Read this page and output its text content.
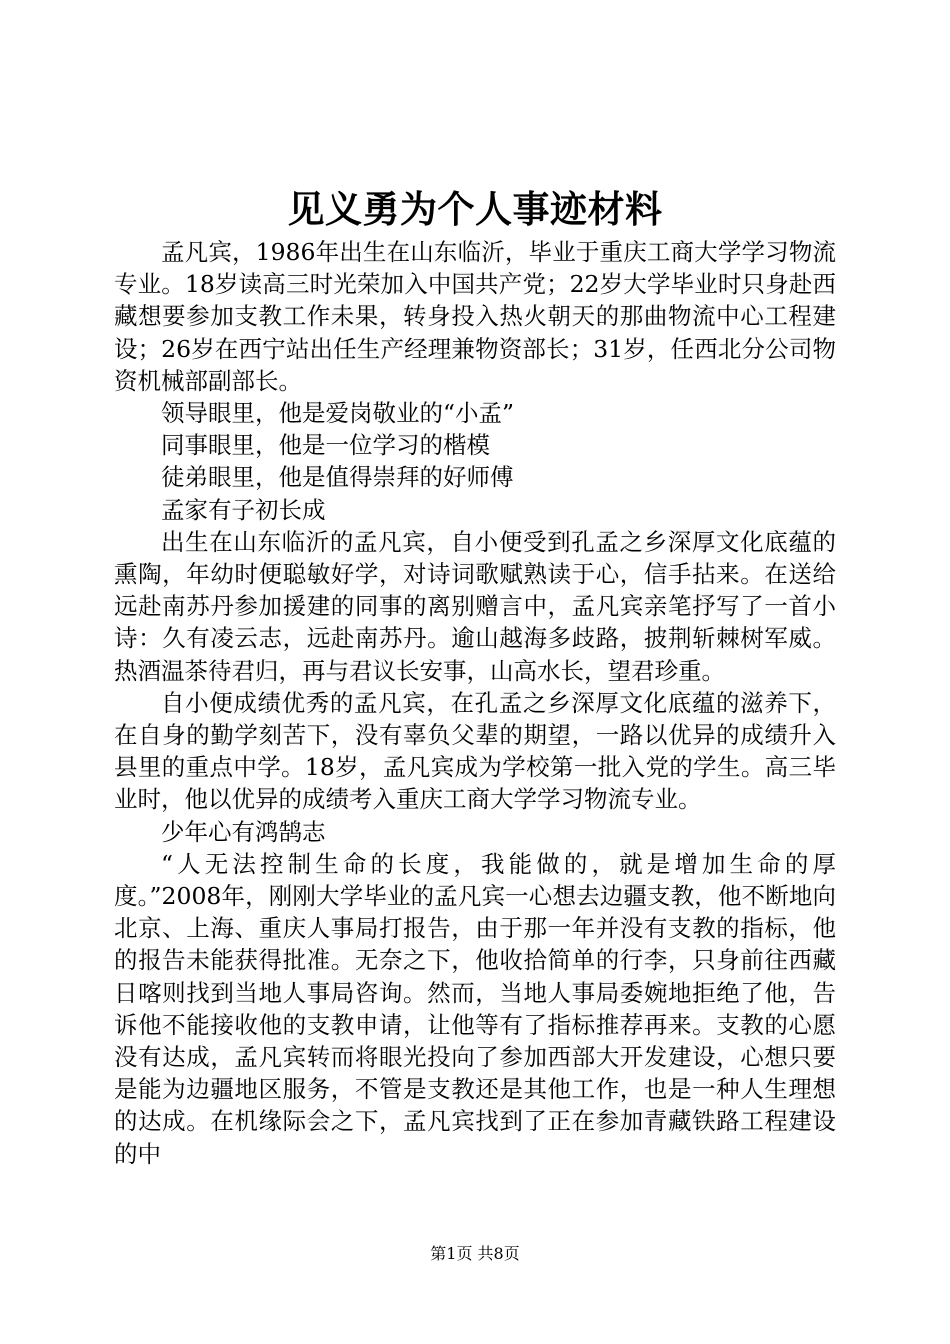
见义勇为个人事迹材料

孟凡宾，1986年出生在山东临沂，毕业于重庆工商大学学习物流专业。18岁读高三时光荣加入中国共产党；22岁大学毕业时只身赴西藏想要参加支教工作未果，转身投入热火朝天的那曲物流中心工程建设；26岁在西宁站出任生产经理兼物资部长；31岁，任西北分公司物资机械部副部长。

领导眼里，他是爱岗敬业的“小孟”

同事眼里，他是一位学习的楷模

徒弟眼里，他是值得崇拜的好师傅

孟家有子初长成

出生在山东临沂的孟凡宾，自小便受到孔孟之乡深厚文化底蕴的熏陶，年幼时便聪敏好学，对诗词歌赋熟读于心，信手拈来。在送给远赴南苏丹参加援建的同事的离别赠言中，孟凡宾亲笔抒写了一首小诗：久有凌云志，远赴南苏丹。逾山越海多歧路，披荆斩棘树军威。热酒温茶待君归，再与君议长安事，山高水长，望君珍重。

自小便成绩优秀的孟凡宾，在孔孟之乡深厚文化底蕴的滋养下，在自身的勤学刻苦下，没有辜负父辈的期望，一路以优异的成绩升入县里的重点中学。18岁，孟凡宾成为学校第一批入党的学生。高三毕业时，他以优异的成绩考入重庆工商大学学习物流专业。

少年心有鸿鹄志

“人无法控制生命的长度，我能做的，就是增加生命的厚度。”2008年，刚刚大学毕业的孟凡宾一心想去边疆支教，他不断地向北京、上海、重庆人事局打报告，由于那一年并没有支教的指标，他的报告未能获得批准。无奈之下，他收拾简单的行李，只身前往西藏日喀则找到当地人事局咨询。然而，当地人事局委婉地拒绝了他，告诉他不能接收他的支教申请，让他等有了指标推荐再来。支教的心愿没有达成，孟凡宾转而将眼光投向了参加西部大开发建设，心想只要是能为边疆地区服务，不管是支教还是其他工作，也是一种人生理想的达成。在机缘际会之下，孟凡宾找到了正在参加青藏铁路工程建设的中

第1页 共8页
